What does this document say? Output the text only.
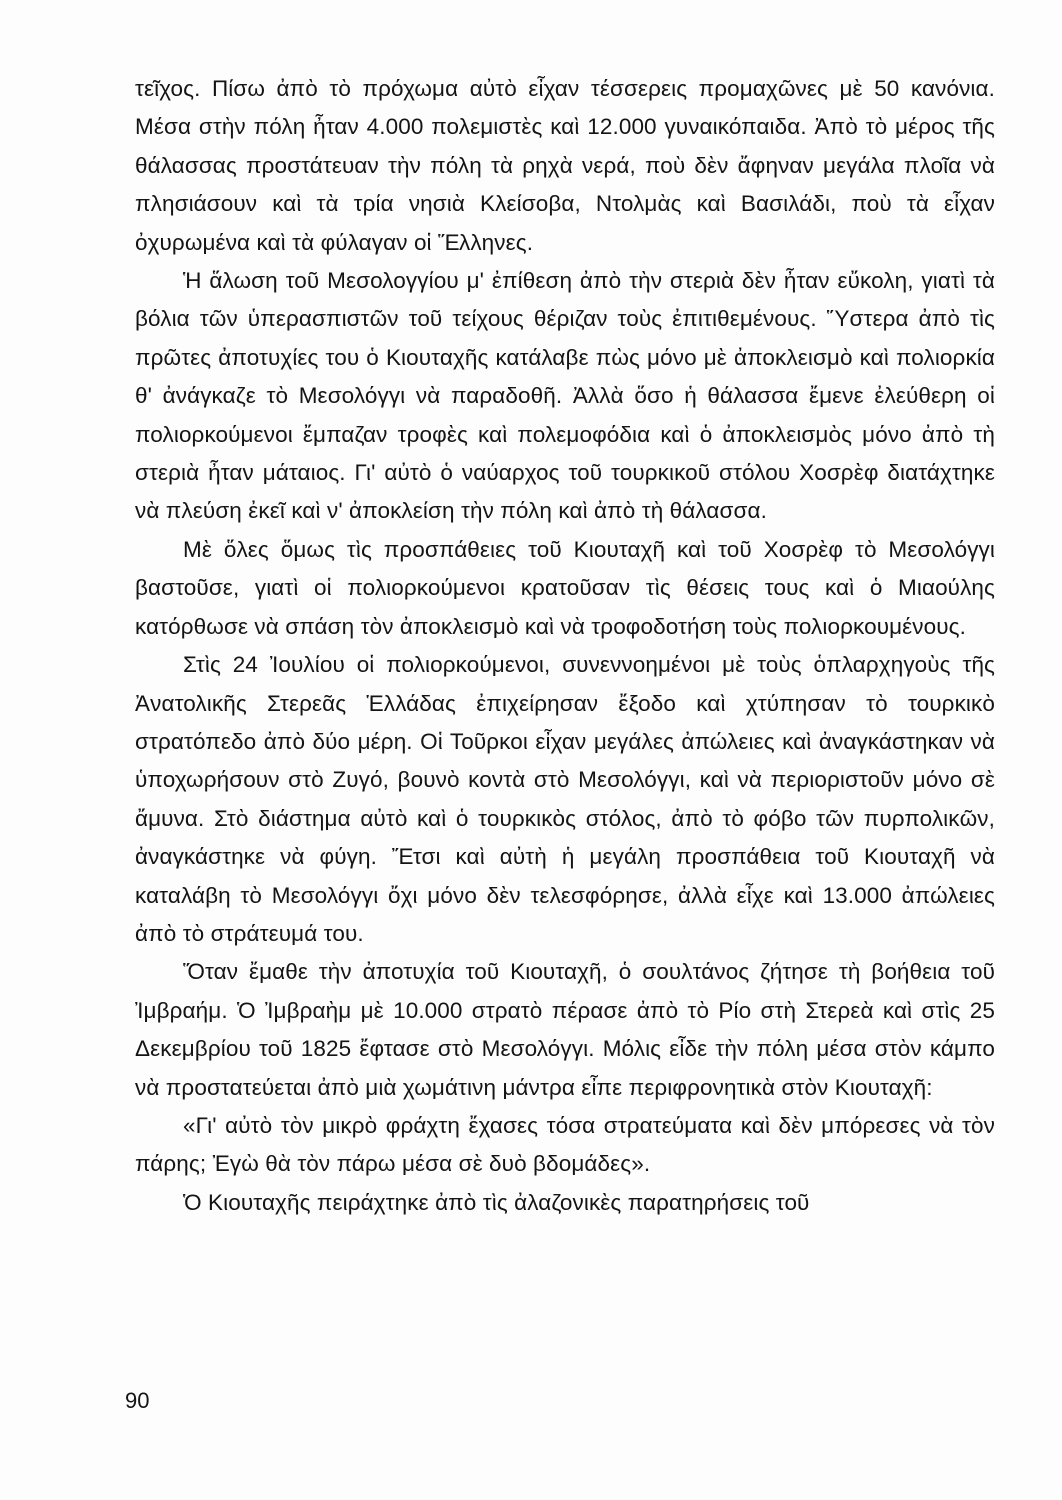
τεῖχος. Πίσω ἀπὸ τὸ πρόχωμα αὐτὸ εἶχαν τέσσερεις προμαχῶνες μὲ 50 κανόνια. Μέσα στὴν πόλη ἦταν 4.000 πολεμιστὲς καὶ 12.000 γυναικόπαιδα. Ἀπὸ τὸ μέρος τῆς θάλασσας προστάτευαν τὴν πόλη τὰ ρηχὰ νερά, ποὺ δὲν ἄφηναν μεγάλα πλοῖα νὰ πλησιάσουν καὶ τὰ τρία νησιὰ Κλείσοβα, Ντολμὰς καὶ Βασιλάδι, ποὺ τὰ εἶχαν ὀχυρωμένα καὶ τὰ φύλαγαν οἱ Ἕλληνες.

Ἡ ἅλωση τοῦ Μεσολογγίου μ' ἐπίθεση ἀπὸ τὴν στεριὰ δὲν ἦταν εὔκολη, γιατὶ τὰ βόλια τῶν ὑπερασπιστῶν τοῦ τείχους θέριζαν τοὺς ἐπιτιθεμένους. Ὕστερα ἀπὸ τὶς πρῶτες ἀποτυχίες του ὁ Κιουταχῆς κατάλαβε πὼς μόνο μὲ ἀποκλεισμὸ καὶ πολιορκία θ' ἀνάγκαζε τὸ Μεσολόγγι νὰ παραδοθῆ. Ἀλλὰ ὅσο ἡ θάλασσα ἔμενε ἐλεύθερη οἱ πολιορκούμενοι ἔμπαζαν τροφὲς καὶ πολεμοφόδια καὶ ὁ ἀποκλεισμὸς μόνο ἀπὸ τὴ στεριὰ ἦταν μάταιος. Γι' αὐτὸ ὁ ναύαρχος τοῦ τουρκικοῦ στόλου Χοσρὲφ διατάχτηκε νὰ πλεύση ἐκεῖ καὶ ν' ἀποκλείση τὴν πόλη καὶ ἀπὸ τὴ θάλασσα.

Μὲ ὅλες ὅμως τὶς προσπάθειες τοῦ Κιουταχῆ καὶ τοῦ Χοσρὲφ τὸ Μεσολόγγι βαστοῦσε, γιατὶ οἱ πολιορκούμενοι κρατοῦσαν τὶς θέσεις τους καὶ ὁ Μιαούλης κατόρθωσε νὰ σπάση τὸν ἀποκλεισμὸ καὶ νὰ τροφοδοτήση τοὺς πολιορκουμένους.

Στὶς 24 Ἰουλίου οἱ πολιορκούμενοι, συνεννοημένοι μὲ τοὺς ὁπλαρχηγοὺς τῆς Ἀνατολικῆς Στερεᾶς Ἑλλάδας ἐπιχείρησαν ἔξοδο καὶ χτύπησαν τὸ τουρκικὸ στρατόπεδο ἀπὸ δύο μέρη. Οἱ Τοῦρκοι εἶχαν μεγάλες ἀπώλειες καὶ ἀναγκάστηκαν νὰ ὑποχωρήσουν στὸ Ζυγό, βουνὸ κοντὰ στὸ Μεσολόγγι, καὶ νὰ περιοριστοῦν μόνο σὲ ἄμυνα. Στὸ διάστημα αὐτὸ καὶ ὁ τουρκικὸς στόλος, ἀπὸ τὸ φόβο τῶν πυρπολικῶν, ἀναγκάστηκε νὰ φύγη. Ἔτσι καὶ αὐτὴ ἡ μεγάλη προσπάθεια τοῦ Κιουταχῆ νὰ καταλάβη τὸ Μεσολόγγι ὄχι μόνο δὲν τελεσφόρησε, ἀλλὰ εἶχε καὶ 13.000 ἀπώλειες ἀπὸ τὸ στράτευμά του.

Ὅταν ἔμαθε τὴν ἀποτυχία τοῦ Κιουταχῆ, ὁ σουλτάνος ζήτησε τὴ βοήθεια τοῦ Ἰμβραήμ. Ὁ Ἰμβραὴμ μὲ 10.000 στρατὸ πέρασε ἀπὸ τὸ Ρίο στὴ Στερεὰ καὶ στὶς 25 Δεκεμβρίου τοῦ 1825 ἔφτασε στὸ Μεσολόγγι. Μόλις εἶδε τὴν πόλη μέσα στὸν κάμπο νὰ προστατεύεται ἀπὸ μιὰ χωμάτινη μάντρα εἶπε περιφρονητικὰ στὸν Κιουταχῆ:

«Γι' αὐτὸ τὸν μικρὸ φράχτη ἔχασες τόσα στρατεύματα καὶ δὲν μπόρεσες νὰ τὸν πάρης; Ἐγὼ θὰ τὸν πάρω μέσα σὲ δυὸ βδομάδες».

Ὁ Κιουταχῆς πειράχτηκε ἀπὸ τὶς ἀλαζονικὲς παρατηρήσεις τοῦ

90
